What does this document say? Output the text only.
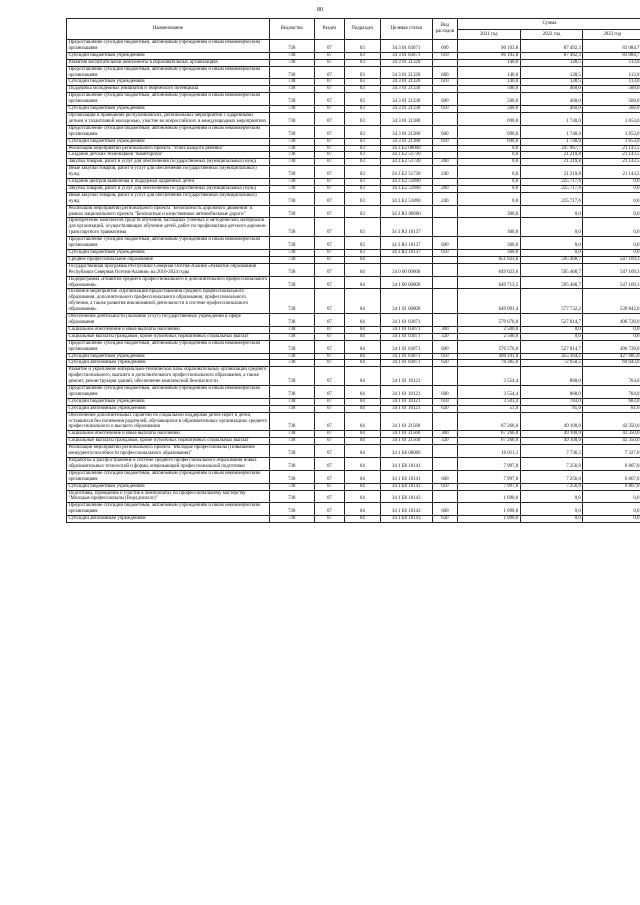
80
Наименование	Ведомство	Раздел	Подраздел	Целевая статья	Вид расходов	Сумма		
						2021 год	2022 год	2023 год
Предоставление субсидий бюджетным, автономным учреждениям и иным некоммерческим организациям	738	07	03	34 3 01 03071	600	96 103,8	87 492,3	83 084,7
Субсидии бюджетным учреждениям	738	07	03	34 3 01 03071	610	96 103,8	87 492,3	83 084,7
Развитие воспитательной компоненты в образовательных организациях	738	07	03	34 3 01 21320		140,0	128,5	113,0
Предоставление субсидий бюджетным, автономным учреждениям и иным некоммерческим организациям	738	07	03	34 3 01 21320	600	140,0	128,5	113,0
Субсидии бюджетным учреждениям	738	07	03	34 3 01 21320	610	140,0	128,5	113,0
Поддержка молодежных инициатив и творческого потенциала	738	07	03	34 3 01 21330		500,0	460,0	568,0
Предоставление субсидий бюджетным, автономным учреждениям и иным некоммерческим организациям	738	07	03	34 3 01 21330	600	500,0	460,0	568,0
Субсидии бюджетным учреждениям	738	07	03	34 3 01 21330	610	500,0	460,0	568,0
Организация и проведение республиканских, региональных мероприятий с одаренными детьми и талантливой молодежью, участие во всероссийских и международных мероприятиях	738	07	03	34 3 01 21380		690,0	1 740,0	1 653,0
Предоставление субсидий бюджетным, автономным учреждениям и иным некоммерческим организациям	738	07	03	34 3 01 21380	600	690,0	1 740,0	1 653,0
Субсидии бюджетным учреждениям	738	07	03	34 3 01 21380	610	690,0	1 740,0	1 653,0
Реализация мероприятий регионального проекта "Успех каждого ребенка"	738	07	03	34 3 E2 00000		0,0	247 067,7	21 143,5
Создание детских технопарков "Кванториум"	738	07	03	34 3 E2 51730		0,0	21 219,8	21 143,5
Закупка товаров, работ и услуг для обеспечения государственных (муниципальных) нужд	738	07	03	34 3 E2 51730	200	0,0	21 219,8	21 143,5
Иные закупки товаров, работ и услуг для обеспечения государственных (муниципальных) нужд	738	07	03	34 3 E2 51730	240	0,0	21 219,8	21 143,5
Создание центров выявления и поддержки одаренных детей	738	07	03	34 3 E2 51890		0,0	225 717,6	0,0
Закупка товаров, работ и услуг для обеспечения государственных (муниципальных) нужд	738	07	03	34 3 E2 51890	200	0,0	225 717,6	0,0
Иные закупки товаров, работ и услуг для обеспечения государственных (муниципальных) нужд	738	07	03	34 3 E2 51890	240	0,0	225 717,6	0,0
Реализация мероприятий регионального проекта "Безопасность дорожного движения" в рамках национального проекта "Безопасные и качественные автомобильные дороги"	738	07	03	34 3 R3 00000		300,0	0,0	0,0
Приобретение комплектов средств обучения, наглядных учебных и методических материалов для организаций, осуществляющих обучение детей, работ по профилактике детского дорожно-транспортного травматизма	738	07	03	34 3 R3 10137		300,0	0,0	0,0
Предоставление субсидий бюджетным, автономным учреждениям и иным некоммерческим организациям	738	07	03	34 3 R3 10137	600	300,0	0,0	0,0
Субсидии бюджетным учреждениям	738	07	03	34 3 R3 10137	610	300,0	0,0	0,0
Среднее профессиональное образование	738	07	04			651 023,6	595 468,7	547 169,3
Государственная программа Республики Северная Осетия-Алания «Развитие образования Республики Северная Осетия-Алания» на 2016-2024 годы	738	07	04	34 0 00 00000		649 023,6	595 468,7	547 169,3
Подпрограмма «Развитие среднего профессионального и дополнительного профессионального образования»	738	07	04	34 1 00 00000		649 713,5	595 468,7	547 169,3
Основное мероприятие «Организация предоставления среднего профессионального образования, дополнительного профессионального образования, профессионального обучения, а также развития инклюзивной деятельности в системе профессионального образования»	738	07	04	34 1 01 00000		649 091,4	577 732,2	539 842,0
Обеспечение деятельности (оказание услуг) государственных учреждений в сфере образования	738	07	04	34 1 01 03071		579 076,0	527 814,7	496 728,0
Социальное обеспечение и иные выплаты населению	738	07	04	34 1 01 03071	300	2 500,0	0,0	0,0
Социальные выплаты гражданам, кроме публичных нормативных социальных выплат	738	07	04	34 1 01 03071	320	2 500,0	0,0	0,0
Предоставление субсидий бюджетным, автономным учреждениям и иным некоммерческим организациям	738	07	04	34 1 01 03071	600	576 576,0	527 814,7	496 728,0
Субсидии бюджетным учреждениям	738	07	04	34 1 01 03071	610	498 191,0	455 164,2	427 685,0
Субсидии автономным учреждениям	738	07	04	34 1 01 03071	620	78 385,0	72 650,5	69 043,0
Развитие и укрепление материально-технической базы образовательных организаций среднего профессионального, высшего и дополнительного профессионального образования, а также ремонт, реконструкция зданий, обеспечение комплексной безопасности	738	07	04	34 1 01 10121		3 554,4	868,0	764,0
Предоставление субсидий бюджетным, автономным учреждениям и иным некоммерческим организациям	738	07	04	34 1 01 10121	600	3 554,4	868,0	764,0
Субсидии бюджетным учреждениям	738	07	04	34 1 01 10121	610	3 503,4	783,0	683,0
Субсидии автономным учреждениям	738	07	04	34 1 01 10121	620	51,0	85,0	81,0
Обеспечение дополнительных гарантий по социальной поддержке детей-сирот и детей, оставшихся без попечения родителей, обучающихся в образовательных организациях среднего профессионального и высшего образования	738	07	04	34 1 01 21560		67 266,0	49 100,0	42 350,0
Социальное обеспечение и иные выплаты населению	738	07	04	34 1 01 21560	300	67 266,0	49 100,0	42 350,0
Социальные выплаты гражданам, кроме публичных нормативных социальных выплат	738	07	04	34 1 01 21560	320	67 266,0	49 100,0	42 350,0
Реализация мероприятий регионального проекта "Молодые профессионалы (Повышение конкурентоспособности профессионального образования)"	738	07	04	34 1 E6 00000		10 011,1	7 736,5	7 327,0
Разработка и распространение в системе среднего профессионального образования новых образовательных технологий и формы опережающей профессиональной подготовки	738	07	04	34 1 E6 10141		7 997,0	7 256,0	6 867,0
Предоставление субсидий бюджетным, автономным учреждениям и иным некоммерческим организациям	738	07	04	34 1 E6 10141	600	7 997,0	7 256,0	6 867,0
Субсидии бюджетным учреждениям	738	07	04	34 1 E6 10141	610	7 997,0	7 256,0	6 867,0
Подготовка, проведение и участие в чемпионатах по профессиональному мастерству "Молодые профессионалы (Ворлдскиллс)"	738	07	04	34 1 E6 10143		1 090,0	0,0	0,0
Предоставление субсидий бюджетным, автономным учреждениям и иным некоммерческим организациям	738	07	04	34 1 E6 10143	600	1 090,0	0,0	0,0
Субсидии автономным учреждениям	738	07	04	34 1 E6 10143	620	1 090,0	0,0	0,0
